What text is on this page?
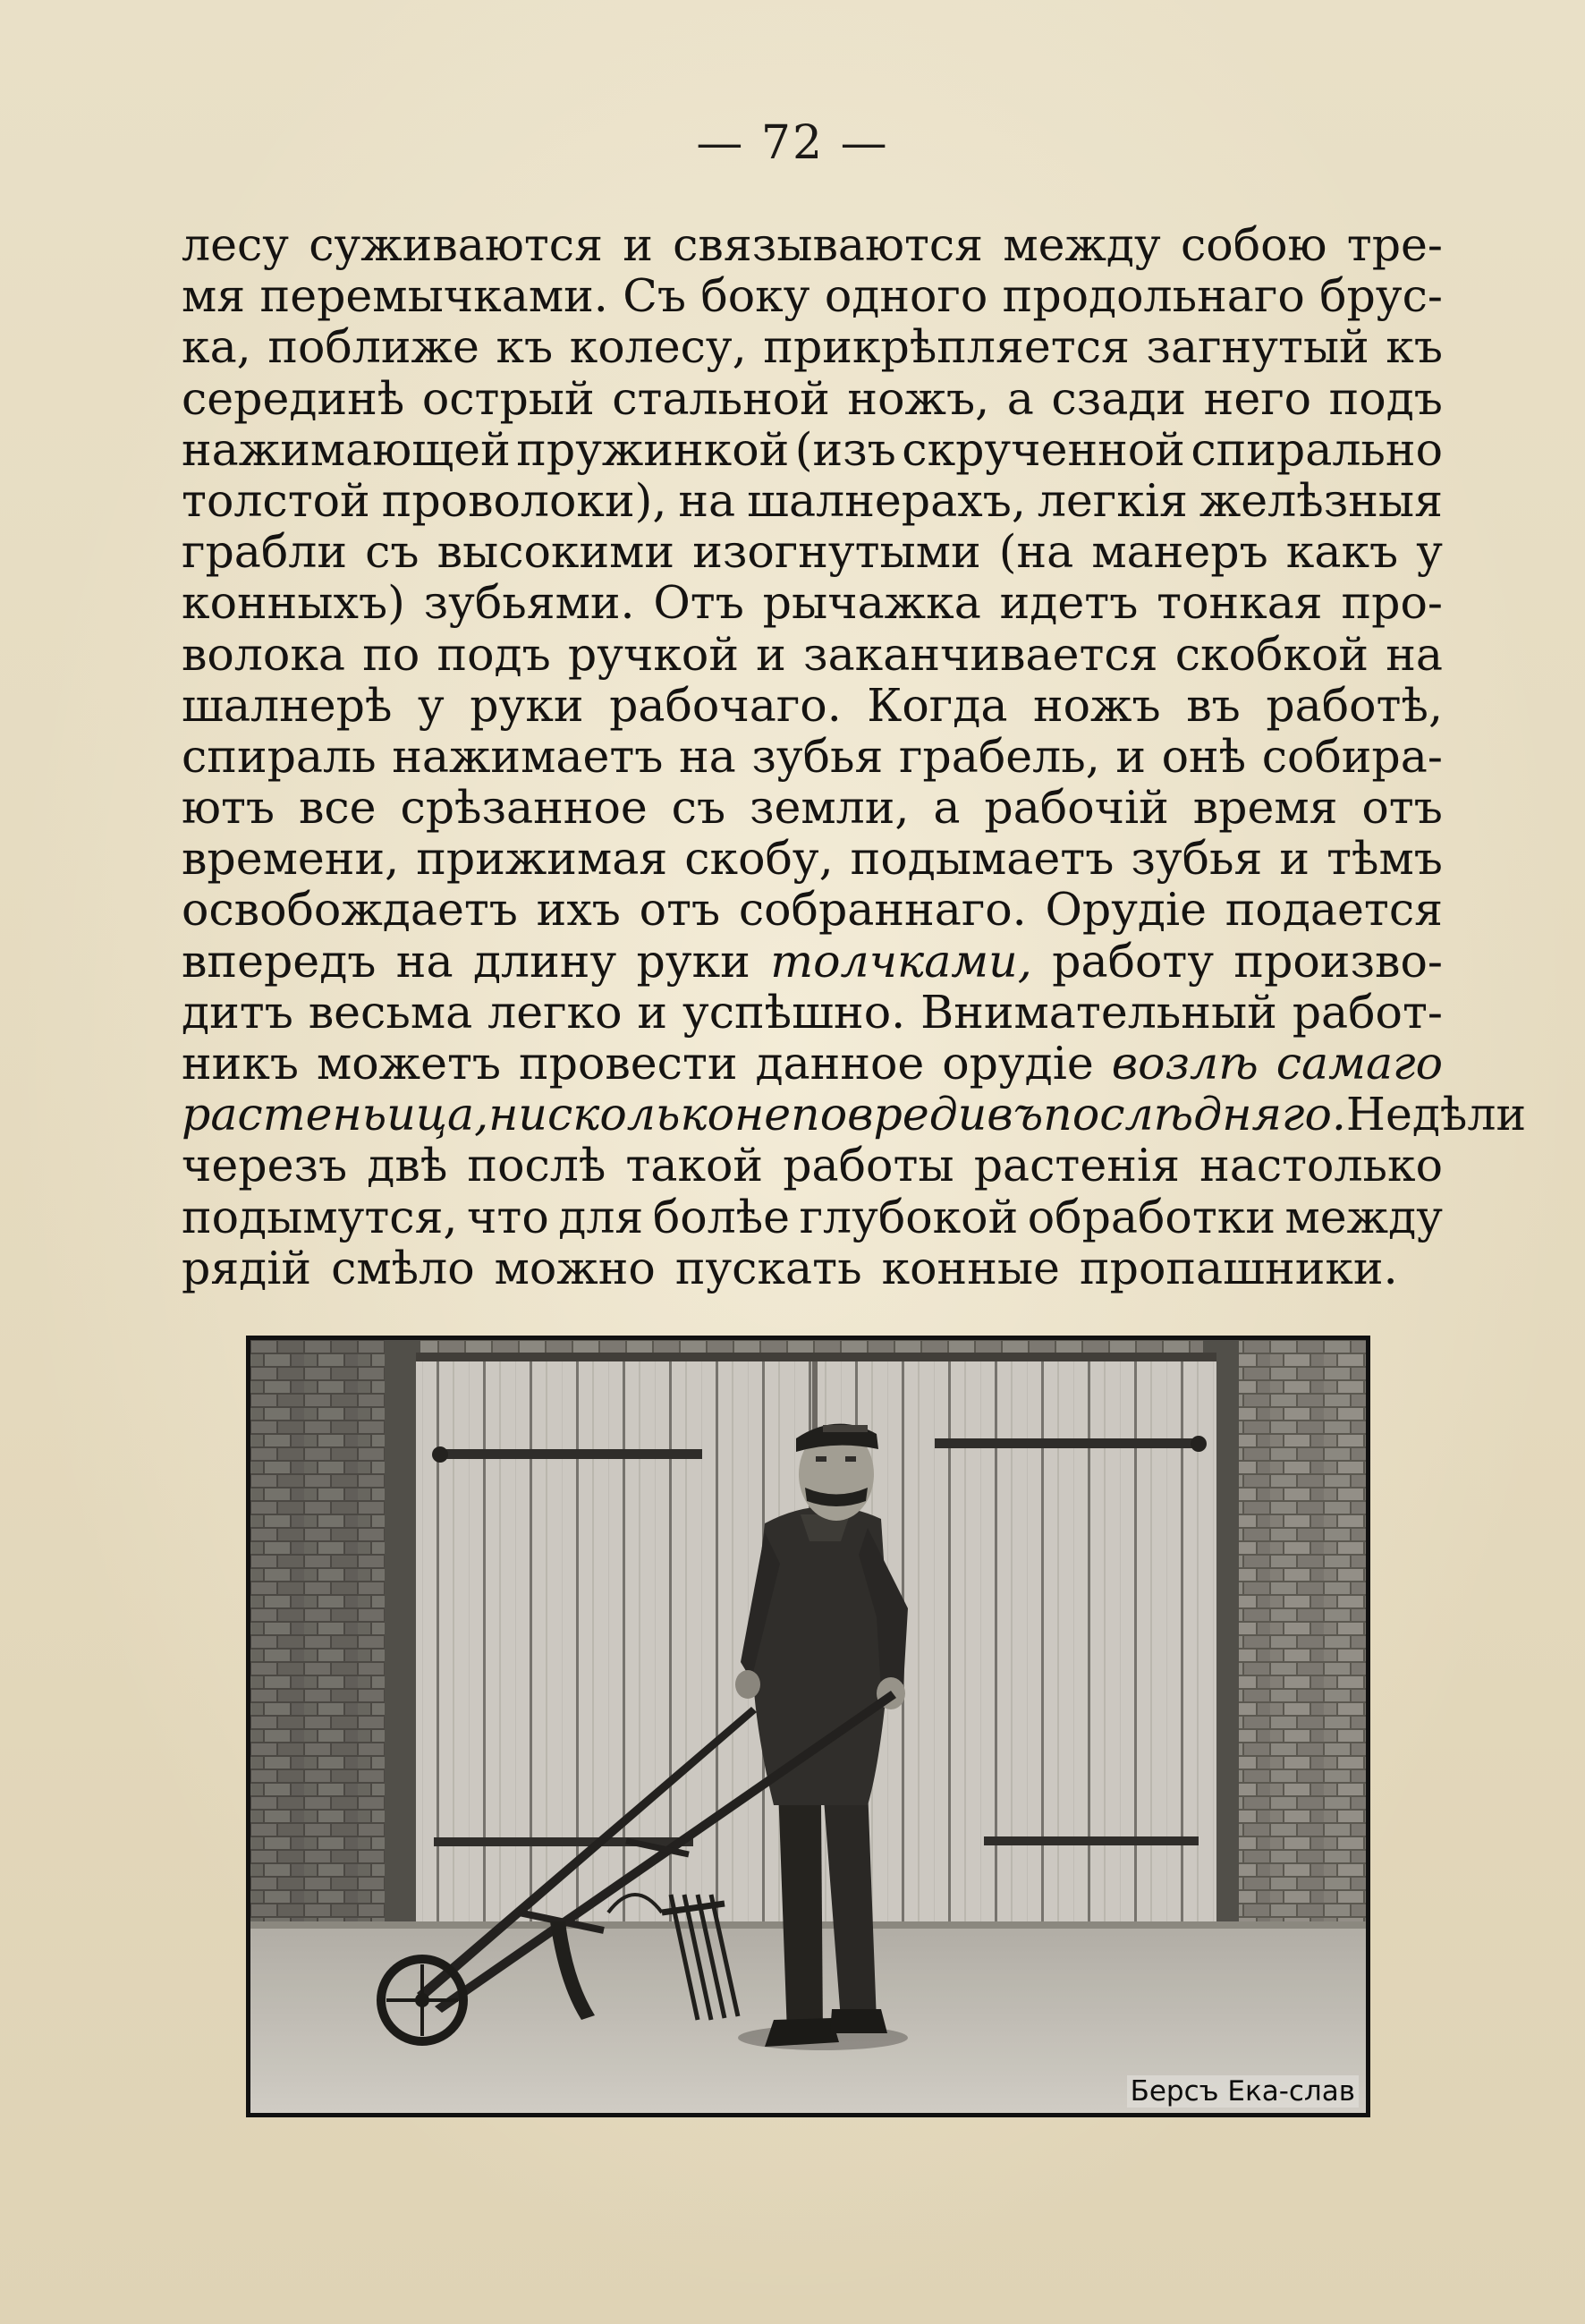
— 72 —
лесу суживаются и связываются между собою тре-
мя перемычками. Съ боку одного продольнаго брус-
ка, поближе къ колесу, прикрѣпляется загнутый къ
серединѣ острый стальной ножъ, а сзади него подъ
нажимающей пружинкой (изъ скрученной спирально
толстой проволоки), на шалнерахъ, легкія желѣзныя
грабли съ высокими изогнутыми (на манеръ какъ у
конныхъ) зубьями. Отъ рычажка идетъ тонкая про-
волока по подъ ручкой и заканчивается скобкой на
шалнерѣ у руки рабочаго. Когда ножъ въ работѣ,
спираль нажимаетъ на зубья грабель, и онѣ собира-
ютъ все срѣзанное съ земли, а рабочій время отъ
времени, прижимая скобу, подымаетъ зубья и тѣмъ
освобождаетъ ихъ отъ собраннаго. Орудіе подается
впередъ на длину руки толчками, работу произво-
дитъ весьма легко и успѣшно. Внимательный работ-
никъ можетъ провести данное орудіе возлѣ самаго
растеньица, нисколько не повредивъ послѣдняго. Недѣли
черезъ двѣ послѣ такой работы растенія настолько
подымутся, что для болѣе глубокой обработки между
рядій смѣло можно пускать конные пропашники.
Берсъ Ека-слав
